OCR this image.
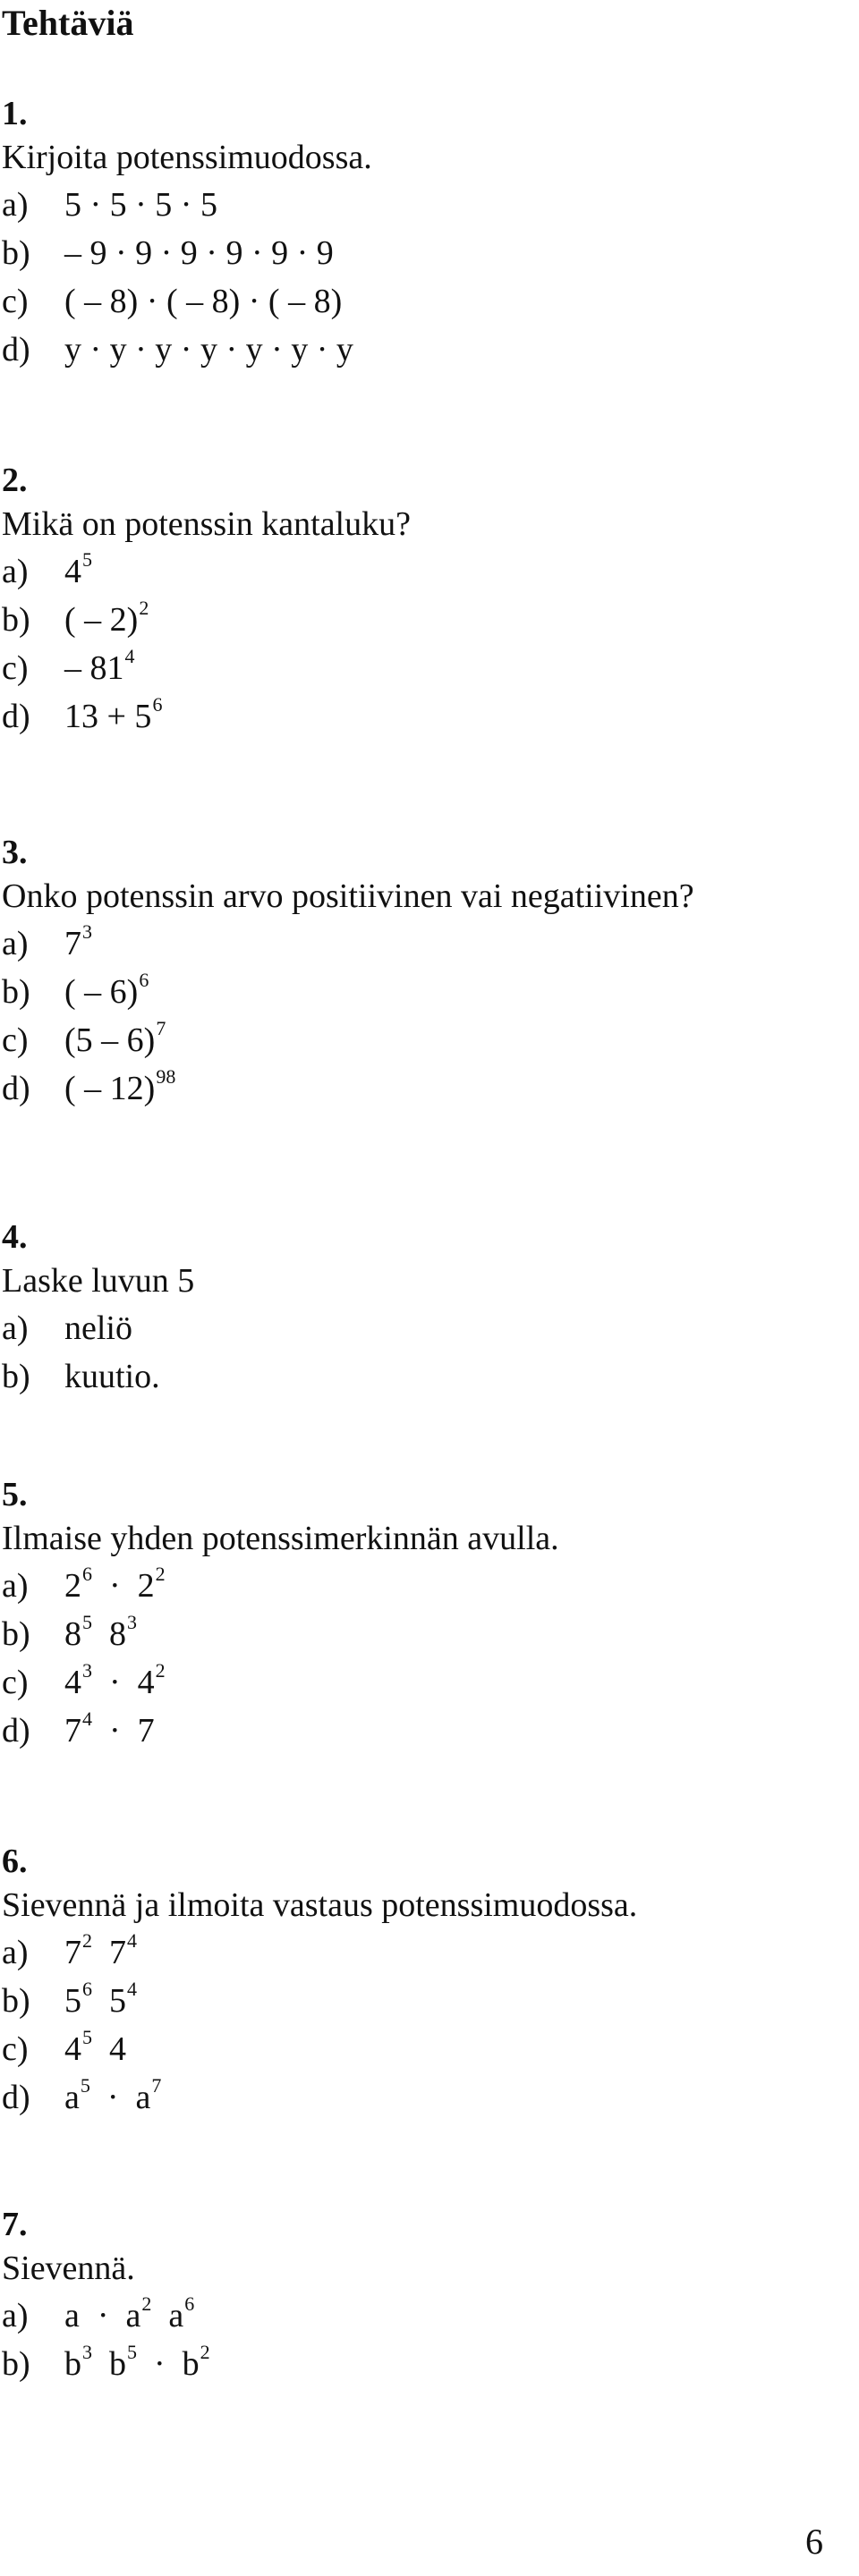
Tehtäviä
1.
Kirjoita potenssimuodossa.
a) 5 · 5 · 5 · 5
b) – 9 · 9 · 9 · 9 · 9 · 9
c) ( – 8) · ( – 8) · ( – 8)
d) y · y · y · y · y · y · y
2.
Mikä on potenssin kantaluku?
a) $4^5$
b) ( – 2)$^2$
$c) - 81^4$
d) $13 + 5^6$
3.
Onko potenssin arvo positiivinen vai negatiivinen?
a) $7^3$
b) ( – 6)$^6$
c) (5 – 6)$^7$
d) ( – 12)$^{98}$
4.
Laske luvun 5
a) neliö
b) kuutio.
5.
Ilmaise yhden potenssimerkinnän avulla.
a) $2^6 \cdot 2^2$
b) $8^5$ $8^3$
c) $4^3 \cdot 4^2$
d) $7^4 \cdot 7$
6.
Sievennä ja ilmoita vastaus potenssimuodossa.
a) $7^2$ $7^4$
b) $5^6$ $5^4$
c) $4^5$ 4
d) $a^5 \cdot a^7$
7.
Sievennä.
a) $a \cdot a^2$ $a^6$
b) $b^3$ $b^5 \cdot b^2$
6
